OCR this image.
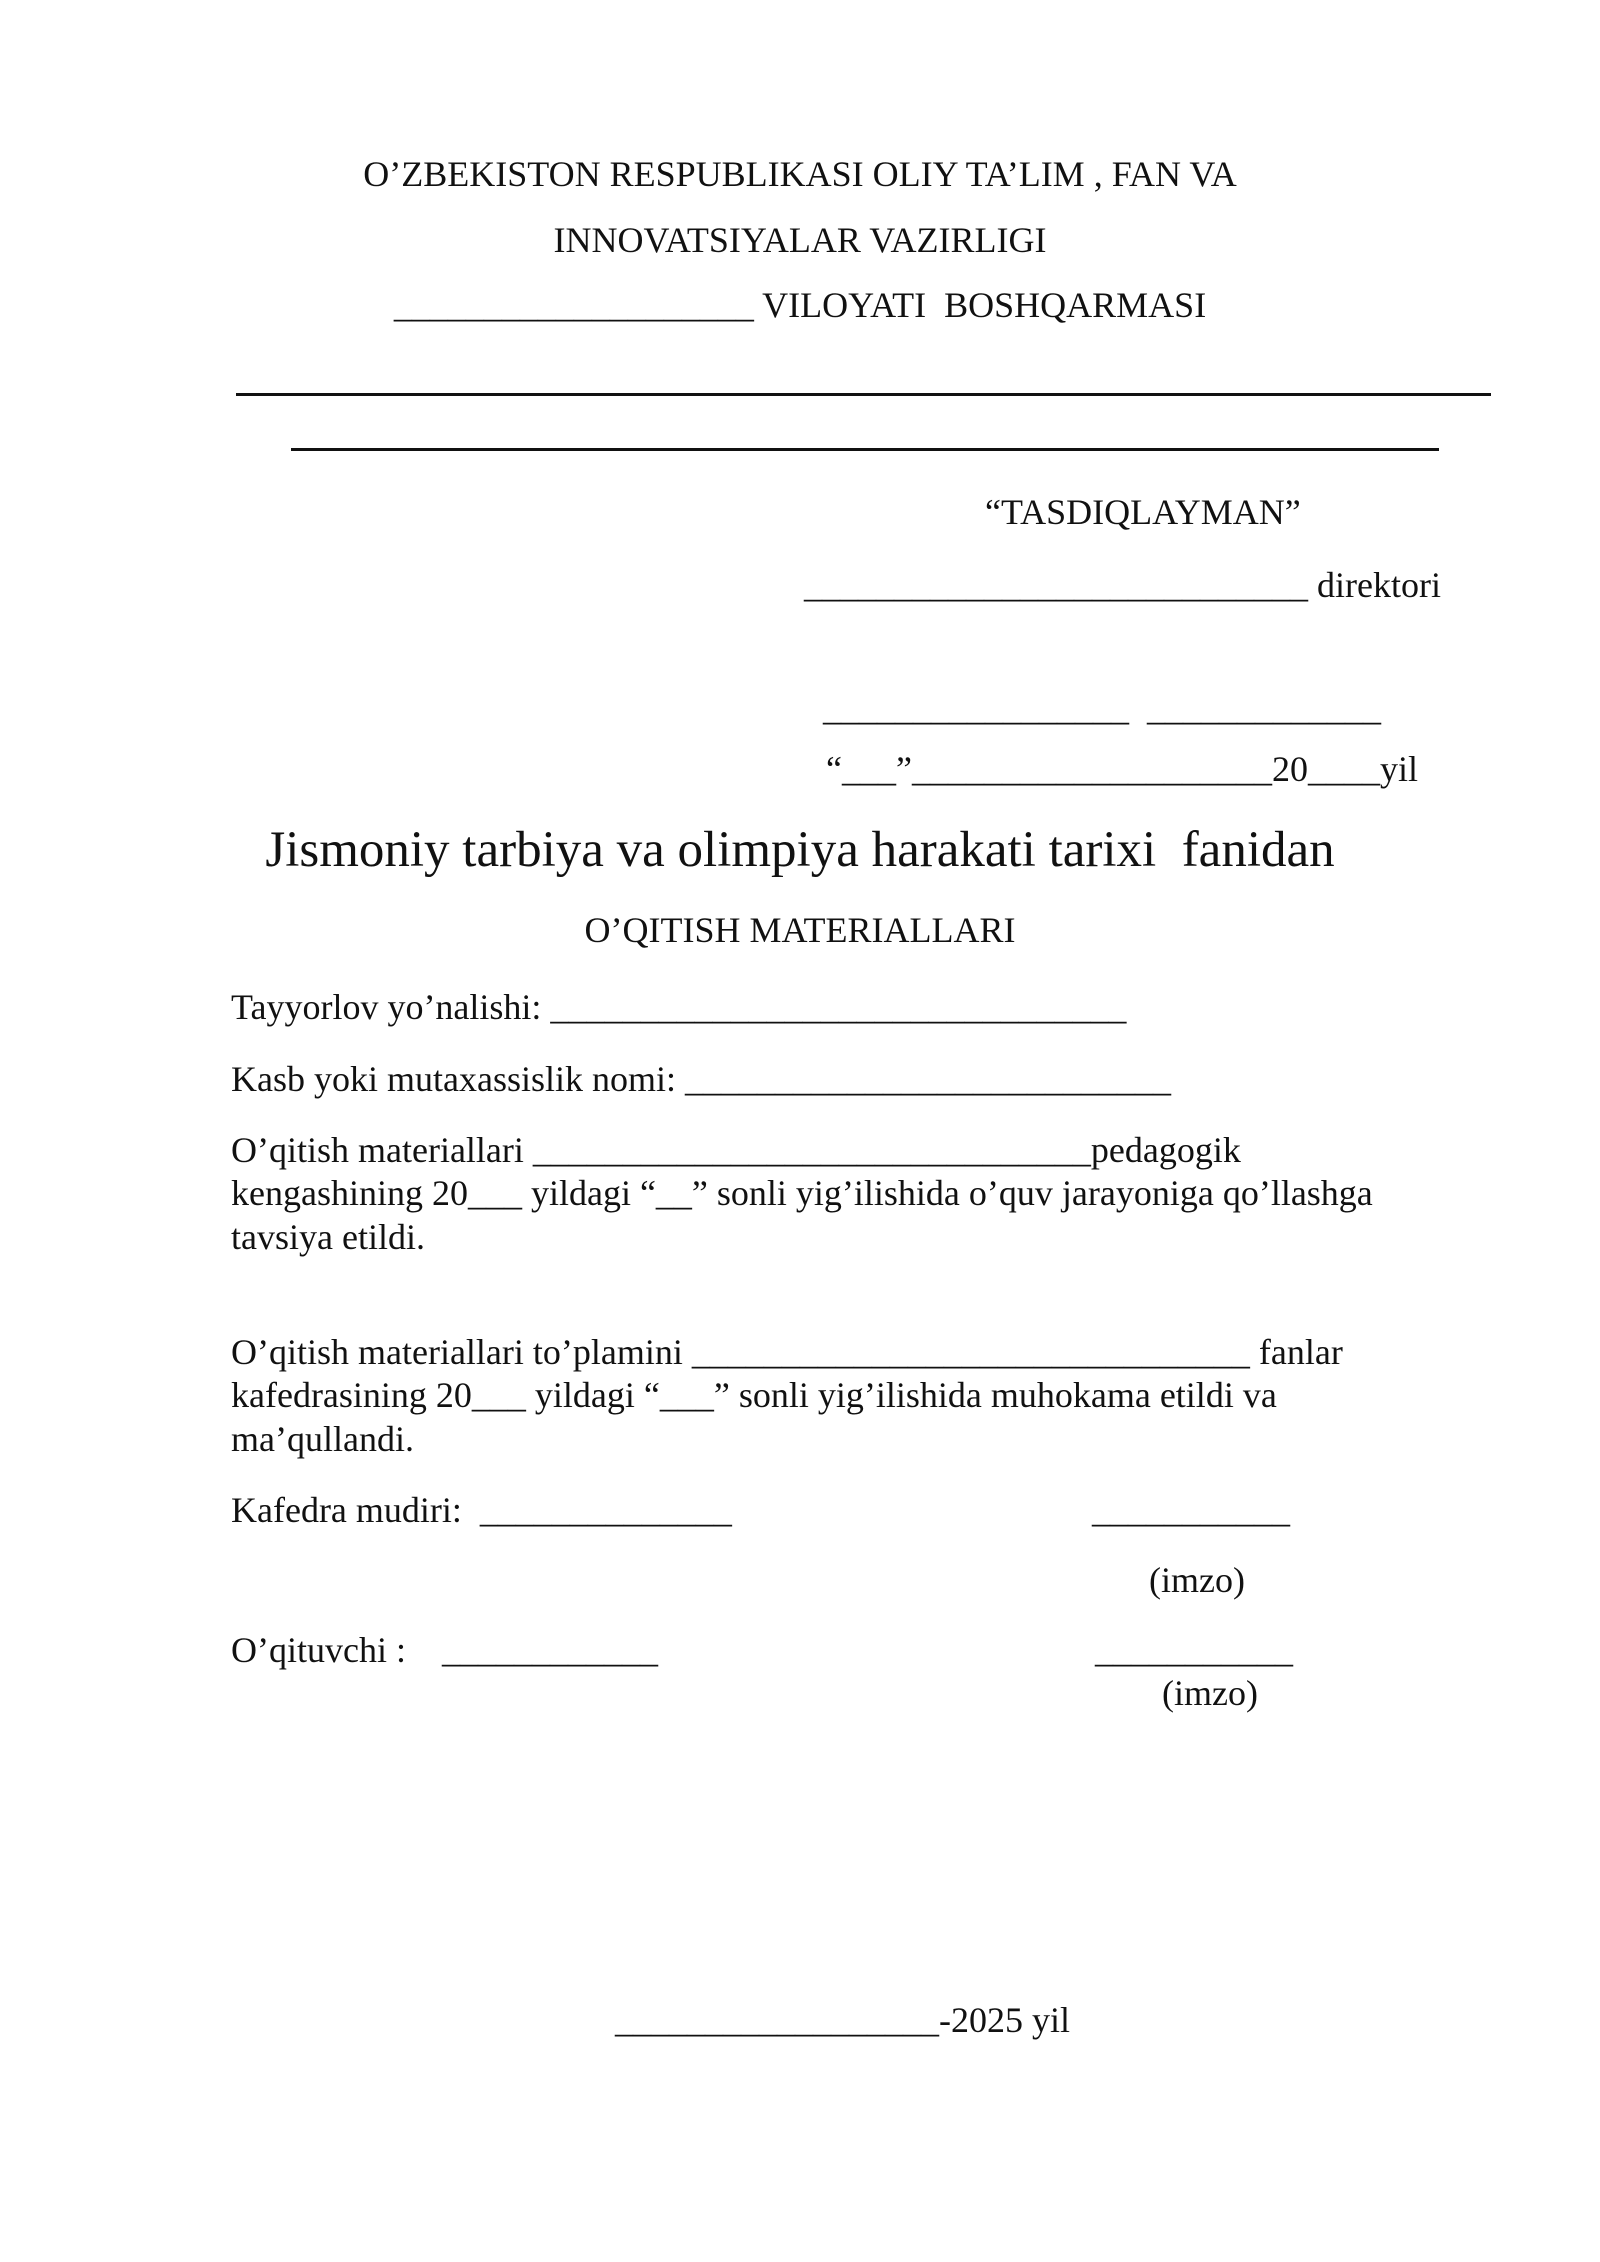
O’ZBEKISTON RESPUBLIKASI OLIY TA’LIM , FAN VA
INNOVATSIYALAR VAZIRLIGI
____________________ VILOYATI  BOSHQARMASI
“TASDIQLAYMAN”
____________________________ direktori
_________________  _____________
“___”____________________20____yil
Jismoniy tarbiya va olimpiya harakati tarixi  fanidan
O’QITISH MATERIALLARI
Tayyorlov yo’nalishi: ________________________________
Kasb yoki mutaxassislik nomi: ___________________________
O’qitish materiallari _______________________________pedagogik
kengashining 20___ yildagi “__” sonli yig’ilishida o’quv jarayoniga qo’llashga
tavsiya etildi.
O’qitish materiallari to’plamini _______________________________ fanlar
kafedrasining 20___ yildagi “___” sonli yig’ilishida muhokama etildi va
ma’qullandi.
Kafedra mudiri:  ______________	___________
(imzo)
O’qituvchi :    ____________	___________
(imzo)
__________________-2025 yil
